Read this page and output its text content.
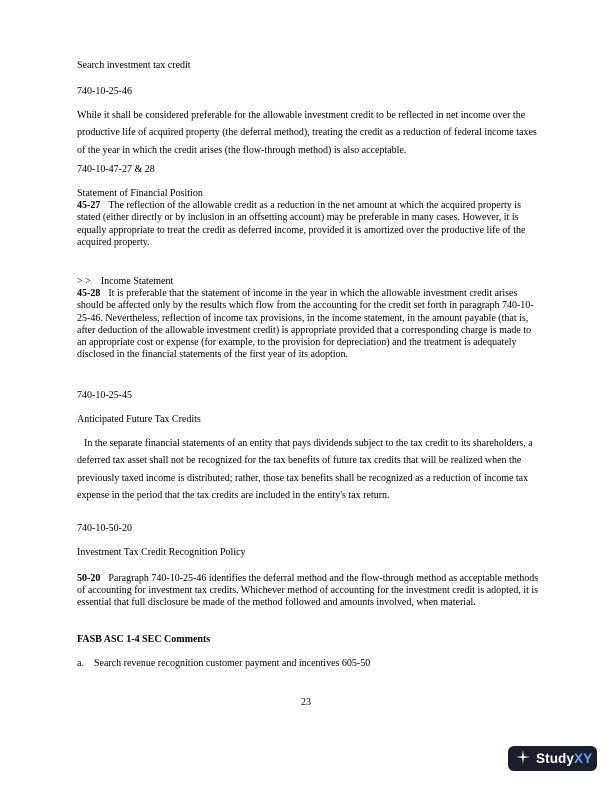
Search investment tax credit

740-10-25-46

While it shall be considered preferable for the allowable investment credit to be reflected in net income over the productive life of acquired property (the deferral method), treating the credit as a reduction of federal income taxes of the year in which the credit arises (the flow-through method) is also acceptable.

740-10-47-27 & 28

Statement of Financial Position
45-27 The reflection of the allowable credit as a reduction in the net amount at which the acquired property is stated (either directly or by inclusion in an offsetting account) may be preferable in many cases. However, it is equally appropriate to treat the credit as deferred income, provided it is amortized over the productive life of the acquired property.
> > Income Statement
45-28 It is preferable that the statement of income in the year in which the allowable investment credit arises should be affected only by the results which flow from the accounting for the credit set forth in paragraph 740-10-25-46. Nevertheless, reflection of income tax provisions, in the income statement, in the amount payable (that is, after deduction of the allowable investment credit) is appropriate provided that a corresponding charge is made to an appropriate cost or expense (for example, to the provision for depreciation) and the treatment is adequately disclosed in the financial statements of the first year of its adoption.

740-10-25-45

Anticipated Future Tax Credits

In the separate financial statements of an entity that pays dividends subject to the tax credit to its shareholders, a deferred tax asset shall not be recognized for the tax benefits of future tax credits that will be realized when the previously taxed income is distributed; rather, those tax benefits shall be recognized as a reduction of income tax expense in the period that the tax credits are included in the entity's tax return.

740-10-50-20

Investment Tax Credit Recognition Policy

50-20 Paragraph 740-10-25-46 identifies the deferral method and the flow-through method as acceptable methods of accounting for investment tax credits. Whichever method of accounting for the investment credit is adopted, it is essential that full disclosure be made of the method followed and amounts involved, when material.

FASB ASC 1-4 SEC Comments

a. Search revenue recognition customer payment and incentives 605-50

23
StudyXY
